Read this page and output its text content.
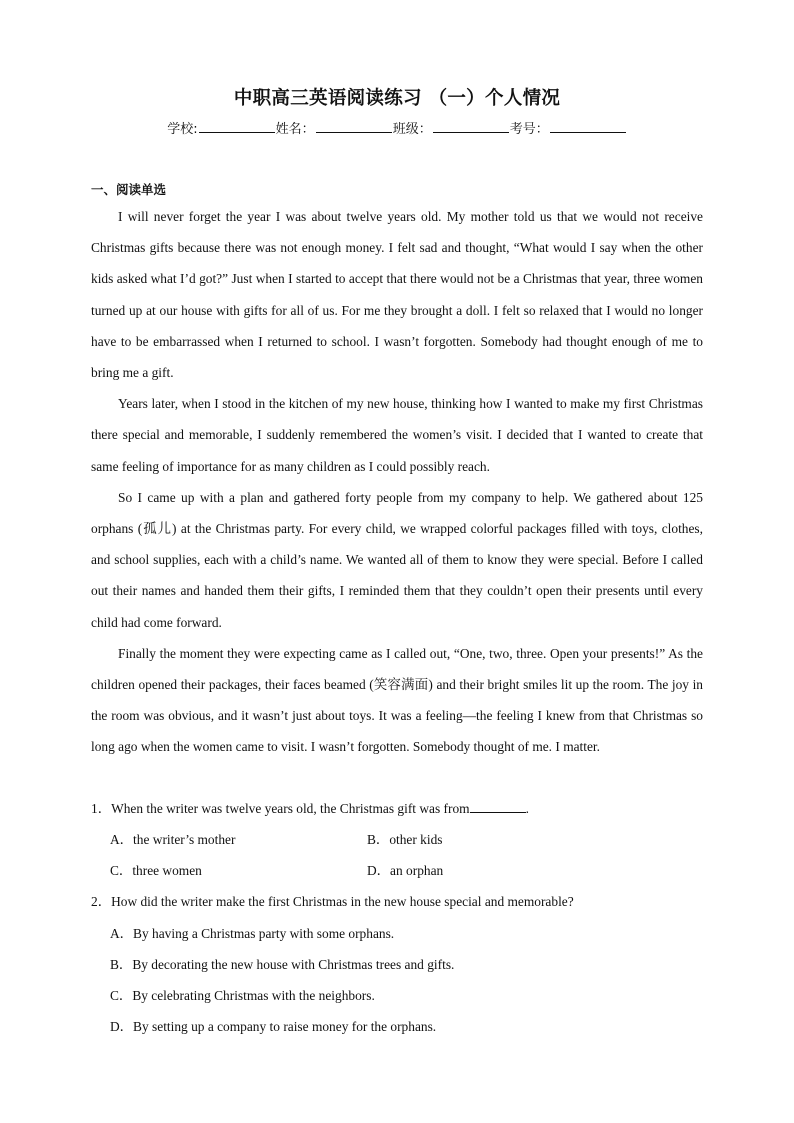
中职高三英语阅读练习 （一）个人情况
学校:	姓名：	班级：	考号：
一、阅读单选

I will never forget the year I was about twelve years old. My mother told us that we would not receive Christmas gifts because there was not enough money. I felt sad and thought, “What would I say when the other kids asked what I’d got?” Just when I started to accept that there would not be a Christmas that year, three women turned up at our house with gifts for all of us. For me they brought a doll. I felt so relaxed that I would no longer have to be embarrassed when I returned to school. I wasn’t forgotten. Somebody had thought enough of me to bring me a gift.

Years later, when I stood in the kitchen of my new house, thinking how I wanted to make my first Christmas there special and memorable, I suddenly remembered the women’s visit. I decided that I wanted to create that same feeling of importance for as many children as I could possibly reach.

So I came up with a plan and gathered forty people from my company to help. We gathered about 125 orphans (孤儿) at the Christmas party. For every child, we wrapped colorful packages filled with toys, clothes, and school supplies, each with a child’s name. We wanted all of them to know they were special. Before I called out their names and handed them their gifts, I reminded them that they couldn’t open their presents until every child had come forward.

Finally the moment they were expecting came as I called out, “One, two, three. Open your presents!” As the children opened their packages, their faces beamed (笑容满面) and their bright smiles lit up the room. The joy in the room was obvious, and it wasn’t just about toys. It was a feeling—the feeling I knew from that Christmas so long ago when the women came to visit. I wasn’t forgotten. Somebody thought of me. I matter.

1．When the writer was twelve years old, the Christmas gift was from	.
A．the writer’s mother	B．other kids
C．three women	D．an orphan
2．How did the writer make the first Christmas in the new house special and memorable?
A．By having a Christmas party with some orphans.
B．By decorating the new house with Christmas trees and gifts.
C．By celebrating Christmas with the neighbors.
D．By setting up a company to raise money for the orphans.
